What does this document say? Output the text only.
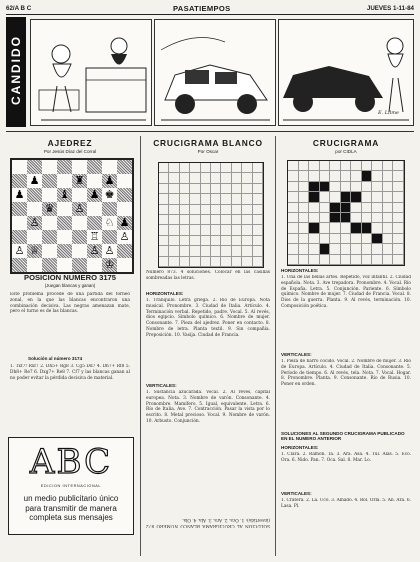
62/A B C	PASATIEMPOS	JUEVES 1-11-84
CANDIDO
E. Lilme
AJEDREZ
Por Jesús Díaz del Corral
♟	♜ ♟
♟	♝ ♟ ♚
♛ ♙
♙	♘ ♟
♖ ♙
♙ ♕	♙ ♙
♔
POSICION NUMERO 3175
(Juegan blancas y ganan)
Este problema procede de una partida del torneo zonal, en la que las blancas encontraron una combinación decisiva. Las negras amenazan mate, pero el turno es de las blancas.
Solución al número 3174
1. Txf7! Rxf7 2. Dh5+ Rg8 3. Cg5 Dd7 4. Dh7+ Rf8 5. Dh8+ Re7 6. Dxg7+ Re8 7. Cf7 y las blancas ganan al no poder evitar la pérdida decisiva de material.
ABC
EDICION INTERNACIONAL
un medio publicitario único para transmitir de manera completa sus mensajes
CRUCIGRAMA BLANCO
Por Oscar
Número 873. 4 soluciones. Colocar en las casillas sombreadas las letras.
HORIZONTALES:
1. Tranquilo. Letra griega. 2. Río de Europa. Nota musical. Pronombre. 3. Ciudad de Italia. Artículo. 4. Terminación verbal. Repetido, padre. Vocal. 5. Al revés, dios egipcio. Símbolo químico. 6. Nombre de mujer. Consonante. 7. Pieza del ajedrez. Poner en contacto. 8. Nombre de letra. Planta textil. 9. Sin compañía. Preposición. 10. Vasija. Ciudad de Francia.
VERTICALES:
1. Sustancia azucarada. Vocal. 2. Al revés, capital europea. Nota. 3. Nombre de varón. Consonante. 4. Pronombre. Mamífero. 5. Igual, equivalente. Letra. 6. Río de Italia. Ave. 7. Contracción. Pasar la vista por lo escrito. 8. Metal precioso. Vocal. 9. Nombre de varón. 10. Arbusto. Conjunción.
SOLUCION AL CRUCIGRAMA BLANCO NUMERO 872 (invertido): 1. Oca. 2. Ara. 3. Ala. 4. Ola.
CRUCIGRAMA
por CIDLA
HORIZONTALES:
1. Una de las bellas artes. Repetido, voz infantil. 2. Ciudad española. Nota. 3. Ave trepadora. Pronombre. 4. Vocal. Río de España. Letra. 5. Conjunción. Pariente. 6. Símbolo químico. Nombre de mujer. 7. Ciudad de Francia. Vocal. 8. Dios de la guerra. Planta. 9. Al revés, terminación. 10. Composición poética.
VERTICALES:
1. Pieza de barro cocido. Vocal. 2. Nombre de mujer. 3. Río de Europa. Artículo. 4. Ciudad de Italia. Consonante. 5. Período de tiempo. 6. Al revés, tela. Nota. 7. Vocal. Hogar. 8. Pronombre. Planta. 9. Consonante. Río de Rusia. 10. Poner en orden.
SOLUCIONES AL SEGUNDO CRUCIGRAMA PUBLICADO EN EL NUMERO ANTERIOR
HORIZONTALES:
1. Clara. 2. Ramón. Ta. 3. Ara. Asa. 4. Tul. Alas. 5. Eco. Ora. 6. Nido. Pan. 7. Oca. Sal. 8. Mar. Lo.
VERTICALES:
1. Cratera. 2. La. Uco. 3. Amado. 4. Rol. Orla. 5. An. Ara. 6. Lasa. Pl.
